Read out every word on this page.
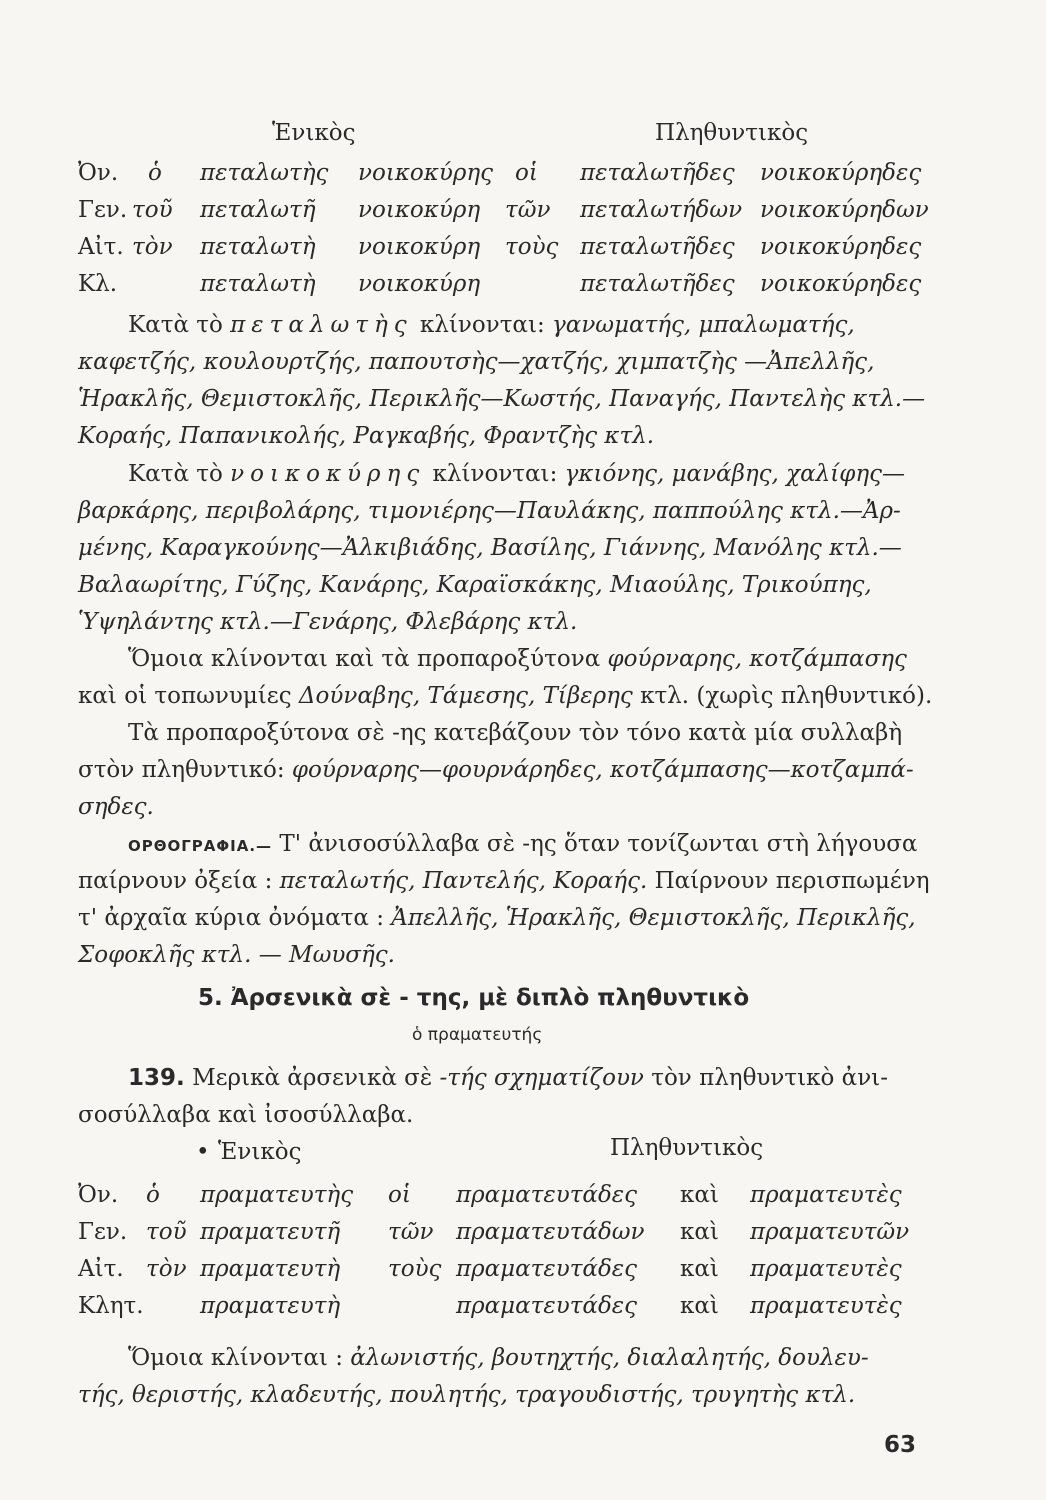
Ἑνικὸς	Πληθυντικὸς
Ὀν. ὁ πεταλωτὴς νοικοκύρης οἱ πεταλωτῆδες νοικοκύρηδες
Γεν. τοῦ πεταλωτῆ νοικοκύρη τῶν πεταλωτήδων νοικοκύρηδων
Αἰτ. τὸν πεταλωτὴ νοικοκύρη τοὺς πεταλωτῆδες νοικοκύρηδες
Κλ.	πεταλωτὴ νοικοκύρη	πεταλωτῆδες νοικοκύρηδες
Κατὰ τὸ πεταλωτὴς κλίνονται: γανωματής, μπαλωματής,
καφετζής, κουλουρτζής, παπουτσὴς—χατζής, χιμπατζὴς —Ἀπελλῆς,
Ἡρακλῆς, Θεμιστοκλῆς, Περικλῆς—Κωστής, Παναγής, Παντελὴς κτλ.—
Κοραής, Παπανικολής, Ραγκαβής, Φραντζὴς κτλ.
Κατὰ τὸ νοικοκύρης κλίνονται: γκιόνης, μανάβης, χαλίφης—
βαρκάρης, περιβολάρης, τιμονιέρης—Παυλάκης, παππούλης κτλ.—Ἀρ-
μένης, Καραγκούνης—Ἀλκιβιάδης, Βασίλης, Γιάννης, Μανόλης κτλ.—
Βαλαωρίτης, Γύζης, Κανάρης, Καραϊσκάκης, Μιαούλης, Τρικούπης,
Ὑψηλάντης κτλ.—Γενάρης, Φλεβάρης κτλ.
Ὅμοια κλίνονται καὶ τὰ προπαροξύτονα φούρναρης, κοτζάμπασης
καὶ οἱ τοπωνυμίες Δούναβης, Τάμεσης, Τίβερης κτλ. (χωρὶς πληθυντικό).
Τὰ προπαροξύτονα σὲ -ης κατεβάζουν τὸν τόνο κατὰ μία συλλαβὴ
στὸν πληθυντικό: φούρναρης—φουρνάρηδες, κοτζάμπασης—κοτζαμπά-
σηδες.
ΟΡΘΟΓΡΑΦΙΑ.— Τ' ἀνισοσύλλαβα σὲ -ης ὅταν τονίζωνται στὴ λήγουσα
παίρνουν ὀξεία : πεταλωτής, Παντελής, Κοραής. Παίρνουν περισπωμένη
τ' ἀρχαῖα κύρια ὀνόματα : Ἀπελλῆς, Ἡρακλῆς, Θεμιστοκλῆς, Περικλῆς,
Σοφοκλῆς κτλ. — Μωυσῆς.
5. Ἀρσενικὰ σὲ - της, μὲ διπλὸ πληθυντικὸ
ὁ πραματευτής
139. Μερικὰ ἀρσενικὰ σὲ -τής σχηματίζουν τὸν πληθυντικὸ ἀνι-
σοσύλλαβα καὶ ἰσοσύλλαβα.
• Ἑνικὸς	Πληθυντικὸς
Ὀν. ὁ πραματευτὴς οἱ πραματευτάδες καὶ πραματευτὲς
Γεν. τοῦ πραματευτῆ τῶν πραματευτάδων καὶ πραματευτῶν
Αἰτ. τὸν πραματευτὴ τοὺς πραματευτάδες καὶ πραματευτὲς
Κλητ. πραματευτὴ	πραματευτάδες καὶ πραματευτὲς
Ὅμοια κλίνονται : ἀλωνιστής, βουτηχτής, διαλαλητής, δουλευ-
τής, θεριστής, κλαδευτής, πουλητής, τραγουδιστής, τρυγητὴς κτλ.
63
